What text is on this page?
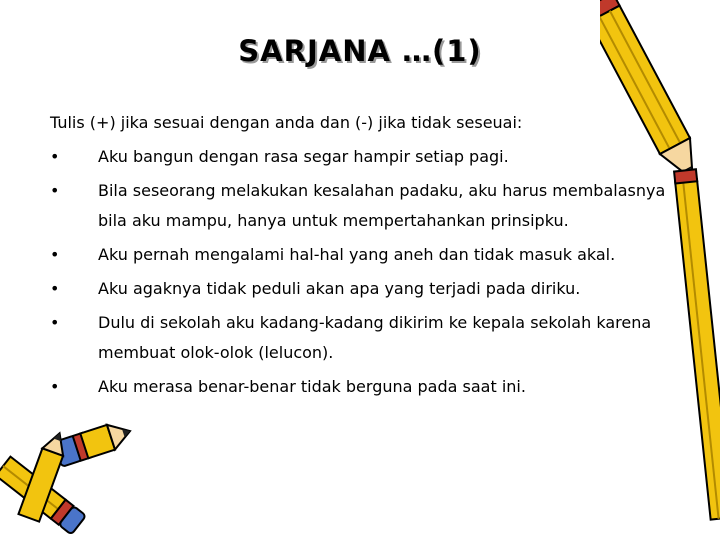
SARJANA …(1)

Tulis (+) jika sesuai dengan anda dan (-) jika tidak seseuai:

•	Aku bangun dengan rasa segar hampir setiap pagi.
•	Bila seseorang melakukan kesalahan padaku, aku harus membalasnya bila aku mampu, hanya untuk mempertahankan prinsipku.
•	Aku pernah mengalami hal-hal yang aneh dan tidak masuk akal.
•	Aku agaknya tidak peduli akan apa yang terjadi pada diriku.
•	Dulu di sekolah aku kadang-kadang dikirim ke kepala sekolah karena membuat olok-olok (lelucon).
•	Aku merasa benar-benar tidak berguna pada saat ini.
